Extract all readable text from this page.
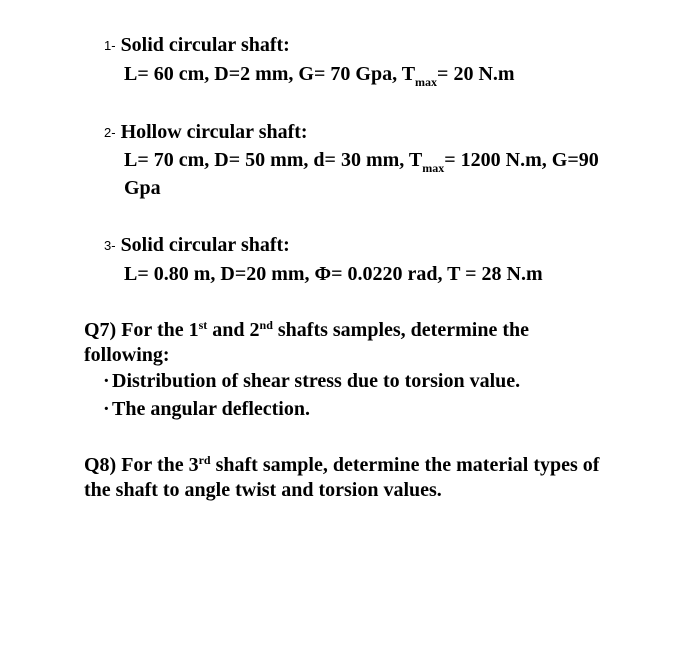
1- Solid circular shaft:
L= 60 cm, D=2 mm, G= 70 Gpa, $T_{max}= 20$ N.m
2- Hollow circular shaft:
L= 70 cm, D= 50 mm, d= 30 mm, $T_{max}= 1200$ N.m, G=90
Gpa
3- Solid circular shaft:
L= 0.80 m, D=20 mm, Φ= 0.0220 rad, T = 28 N.m
Q7) For the 1st and 2nd shafts samples, determine the
following:
· Distribution of shear stress due to torsion value.
· The angular deflection.
Q8) For the 3rd shaft sample, determine the material types of
the shaft to angle twist and torsion values.
